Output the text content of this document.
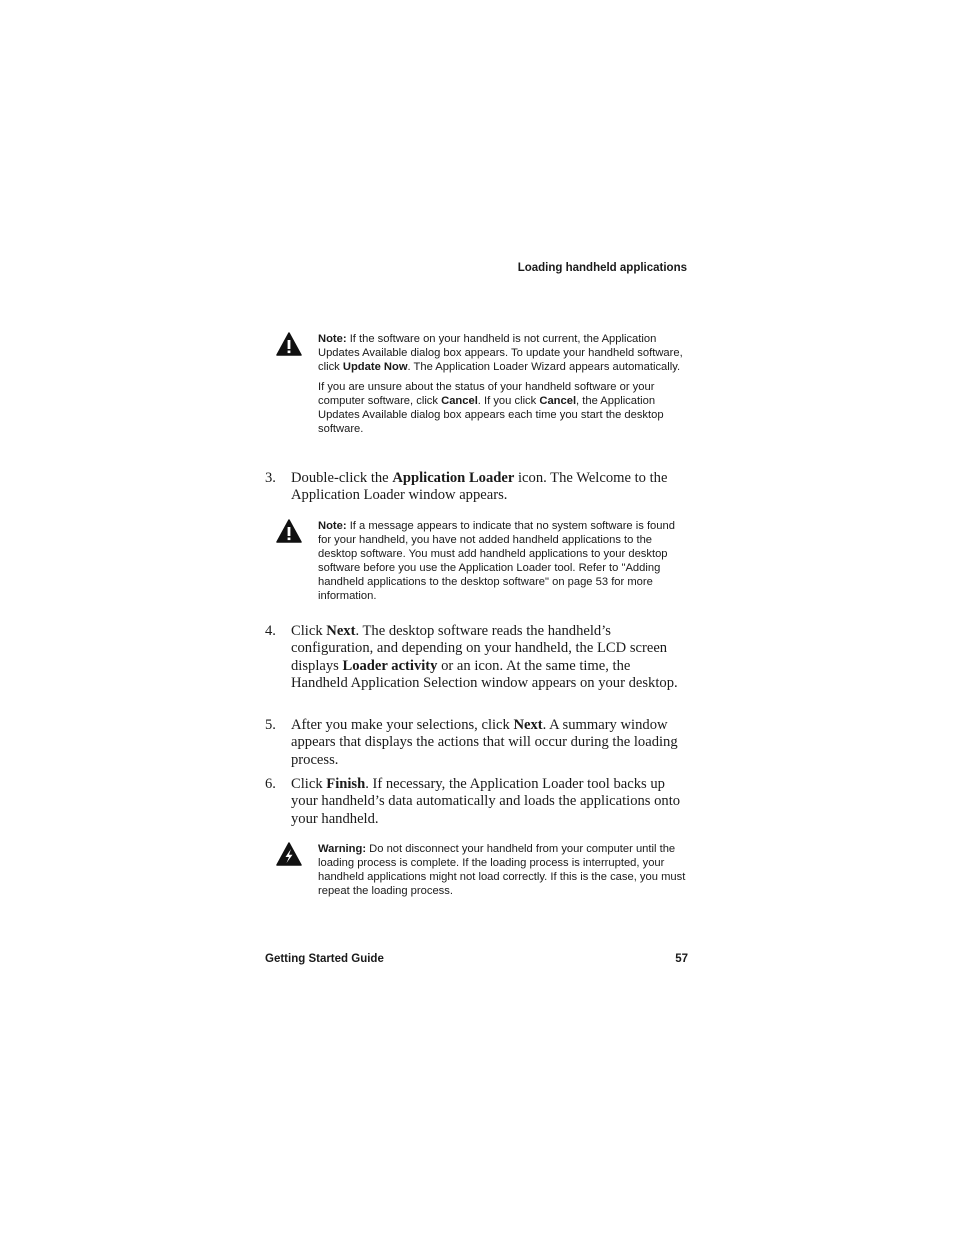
Loading handheld applications

Note: If the software on your handheld is not current, the Application Updates Available dialog box appears. To update your handheld software, click Update Now. The Application Loader Wizard appears automatically.

If you are unsure about the status of your handheld software or your computer software, click Cancel. If you click Cancel, the Application Updates Available dialog box appears each time you start the desktop software.

3. Double-click the Application Loader icon. The Welcome to the Application Loader window appears.

Note: If a message appears to indicate that no system software is found for your handheld, you have not added handheld applications to the desktop software. You must add handheld applications to your desktop software before you use the Application Loader tool. Refer to "Adding handheld applications to the desktop software" on page 53 for more information.

4. Click Next. The desktop software reads the handheld’s configuration, and depending on your handheld, the LCD screen displays Loader activity or an icon. At the same time, the Handheld Application Selection window appears on your desktop.
5. After you make your selections, click Next. A summary window appears that displays the actions that will occur during the loading process.
6. Click Finish. If necessary, the Application Loader tool backs up your handheld’s data automatically and loads the applications onto your handheld.

Warning: Do not disconnect your handheld from your computer until the loading process is complete. If the loading process is interrupted, your handheld applications might not load correctly. If this is the case, you must repeat the loading process.

Getting Started Guide	57
